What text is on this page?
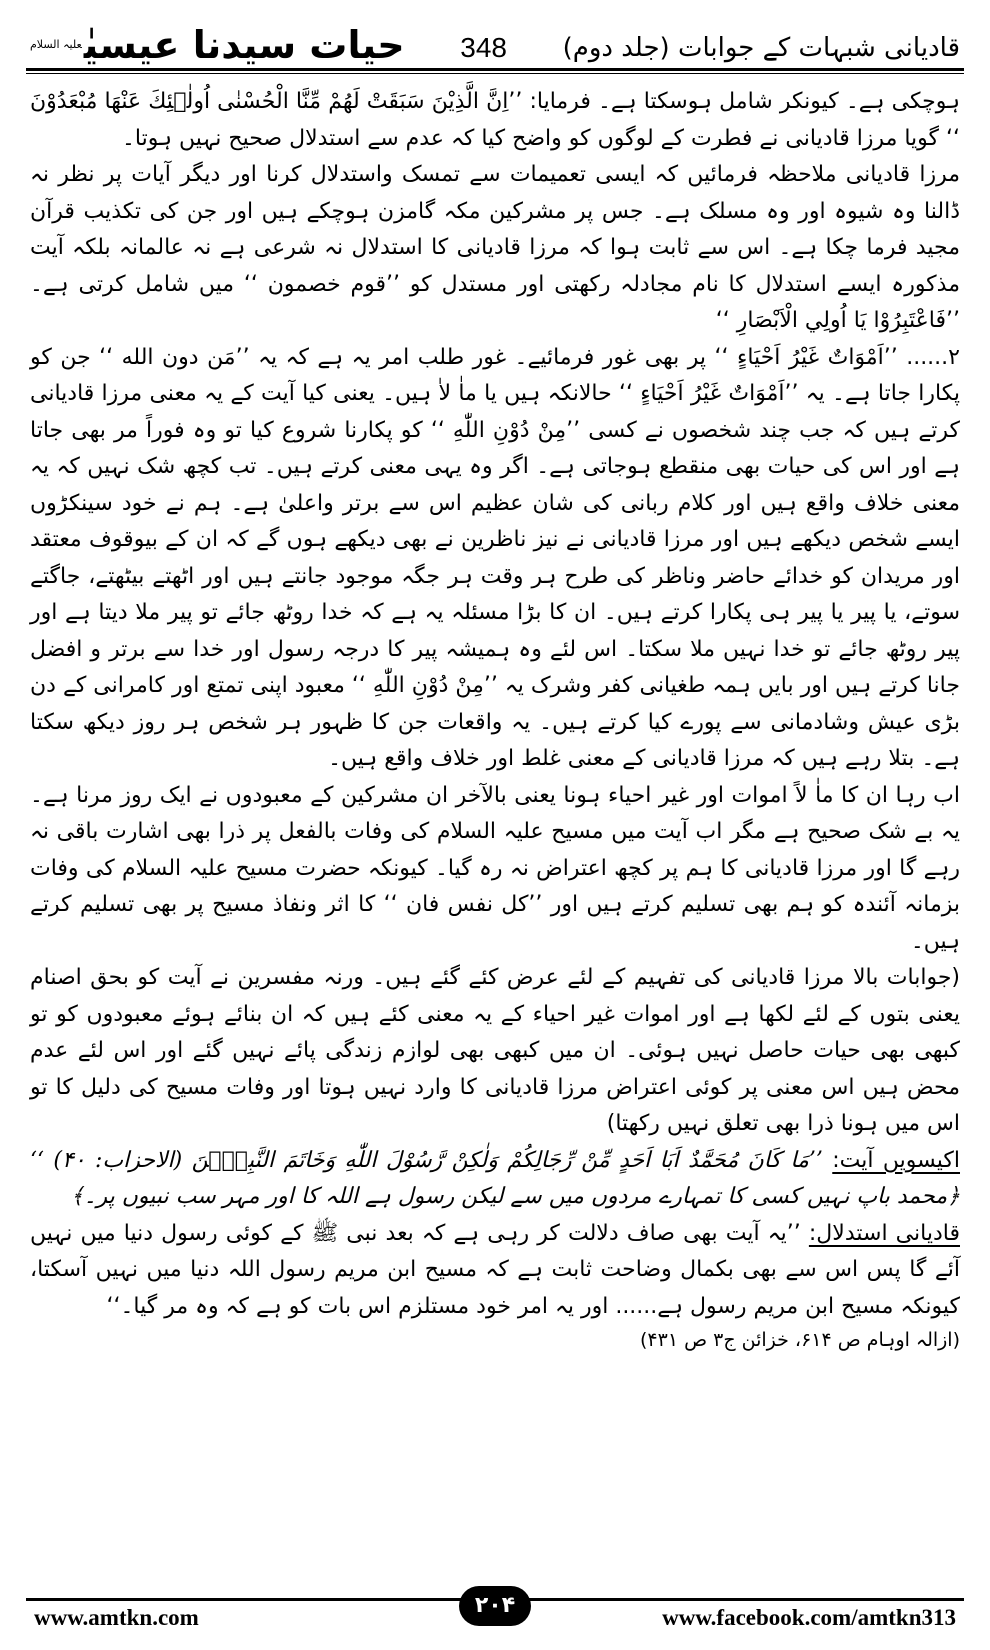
قادیانی شبہات کے جوابات (جلد دوم)
348
حیات سیدنا عیسیٰ$^{علیہ السلام}$

ہوچکی ہے۔ کیونکر شامل ہوسکتا ہے۔ فرمایا: ’’اِنَّ الَّذِیْنَ سَبَقَتْ لَهُمْ مِّنَّا الْحُسْنٰى اُولٰۤئِكَ عَنْهَا مُبْعَدُوْنَ ‘‘ گویا مرزا قادیانی نے فطرت کے لوگوں کو واضح کیا کہ عدم سے استدلال صحیح نہیں ہوتا۔

مرزا قادیانی ملاحظہ فرمائیں کہ ایسی تعمیمات سے تمسک واستدلال کرنا اور دیگر آیات پر نظر نہ ڈالنا وہ شیوہ اور وہ مسلک ہے۔ جس پر مشرکین مکہ گامزن ہوچکے ہیں اور جن کی تکذیب قرآن مجید فرما چکا ہے۔ اس سے ثابت ہوا کہ مرزا قادیانی کا استدلال نہ شرعی ہے نہ عالمانہ بلکہ آیت مذکورہ ایسے استدلال کا نام مجادلہ رکھتی اور مستدل کو ’’قوم خصمون ‘‘ میں شامل کرتی ہے۔ ’’فَاعْتَبِرُوْا يَا اُولِي الْاَبْصَارِ ‘‘

۲...... ’’اَمْوَاتٌ غَيْرُ اَحْيَاءٍ ‘‘ پر بھی غور فرمائیے۔ غور طلب امر یہ ہے کہ یہ ’’مَن دون الله ‘‘ جن کو پکارا جاتا ہے۔ یہ ’’اَمْوَاتٌ غَيْرُ اَحْيَاءٍ ‘‘ حالانکہ ہیں یا ماٰ لاٰ ہیں۔ یعنی کیا آیت کے یہ معنی مرزا قادیانی کرتے ہیں کہ جب چند شخصوں نے کسی ’’مِنْ دُوْنِ اللّٰهِ ‘‘ کو پکارنا شروع کیا تو وہ فوراً مر بھی جاتا ہے اور اس کی حیات بھی منقطع ہوجاتی ہے۔ اگر وہ یہی معنی کرتے ہیں۔ تب کچھ شک نہیں کہ یہ معنی خلاف واقع ہیں اور کلام ربانی کی شان عظیم اس سے برتر واعلیٰ ہے۔ ہم نے خود سینکڑوں ایسے شخص دیکھے ہیں اور مرزا قادیانی نے نیز ناظرین نے بھی دیکھے ہوں گے کہ ان کے بیوقوف معتقد اور مریدان کو خدائے حاضر وناظر کی طرح ہر وقت ہر جگہ موجود جانتے ہیں اور اٹھتے بیٹھتے، جاگتے سوتے، یا پیر یا پیر ہی پکارا کرتے ہیں۔ ان کا بڑا مسئلہ یہ ہے کہ خدا روٹھ جائے تو پیر ملا دیتا ہے اور پیر روٹھ جائے تو خدا نہیں ملا سکتا۔ اس لئے وہ ہمیشہ پیر کا درجہ رسول اور خدا سے برتر و افضل جانا کرتے ہیں اور بایں ہمہ طغیانی کفر وشرک یہ ’’مِنْ دُوْنِ اللّٰهِ ‘‘ معبود اپنی تمتع اور کامرانی کے دن بڑی عیش وشادمانی سے پورے کیا کرتے ہیں۔ یہ واقعات جن کا ظہور ہر شخص ہر روز دیکھ سکتا ہے۔ بتلا رہے ہیں کہ مرزا قادیانی کے معنی غلط اور خلاف واقع ہیں۔

اب رہا ان کا ماٰ لاً اموات اور غیر احیاء ہونا یعنی بالآخر ان مشرکین کے معبودوں نے ایک روز مرنا ہے۔ یہ بے شک صحیح ہے مگر اب آیت میں مسیح علیہ السلام کی وفات بالفعل پر ذرا بھی اشارت باقی نہ رہے گا اور مرزا قادیانی کا ہم پر کچھ اعتراض نہ رہ گیا۔ کیونکہ حضرت مسیح علیہ السلام کی وفات بزمانہ آئندہ کو ہم بھی تسلیم کرتے ہیں اور ’’کل نفس فان ‘‘ کا اثر ونفاذ مسیح پر بھی تسلیم کرتے ہیں۔

(جوابات بالا مرزا قادیانی کی تفہیم کے لئے عرض کئے گئے ہیں۔ ورنہ مفسرین نے آیت کو بحق اصنام یعنی بتوں کے لئے لکھا ہے اور اموات غیر احیاء کے یہ معنی کئے ہیں کہ ان بنائے ہوئے معبودوں کو تو کبھی بھی حیات حاصل نہیں ہوئی۔ ان میں کبھی بھی لوازم زندگی پائے نہیں گئے اور اس لئے عدم محض ہیں اس معنی پر کوئی اعتراض مرزا قادیانی کا وارد نہیں ہوتا اور وفات مسیح کی دلیل کا تو اس میں ہونا ذرا بھی تعلق نہیں رکھتا)

اکیسویں آیت: ’’مَا كَانَ مُحَمَّدٌ اَبَا اَحَدٍ مِّنْ رِّجَالِكُمْ وَلٰكِنْ رَّسُوْلَ اللّٰهِ وَخَاتَمَ النَّبِيّٖنَ (الاحزاب: ۴۰) ‘‘ ﴿محمد باپ نہیں کسی کا تمہارے مردوں میں سے لیکن رسول ہے اللہ کا اور مہر سب نبیوں پر۔﴾

قادیانی استدلال: ’’یہ آیت بھی صاف دلالت کر رہی ہے کہ بعد نبی ﷺ کے کوئی رسول دنیا میں نہیں آئے گا پس اس سے بھی بکمال وضاحت ثابت ہے کہ مسیح ابن مریم رسول اللہ دنیا میں نہیں آسکتا، کیونکہ مسیح ابن مریم رسول ہے...... اور یہ امر خود مستلزم اس بات کو ہے کہ وہ مر گیا۔‘‘
(ازالہ اوہام ص ۶۱۴، خزائن ج۳ ص ۴۳۱)

www.amtkn.com	۲۰۴	www.facebook.com/amtkn313
